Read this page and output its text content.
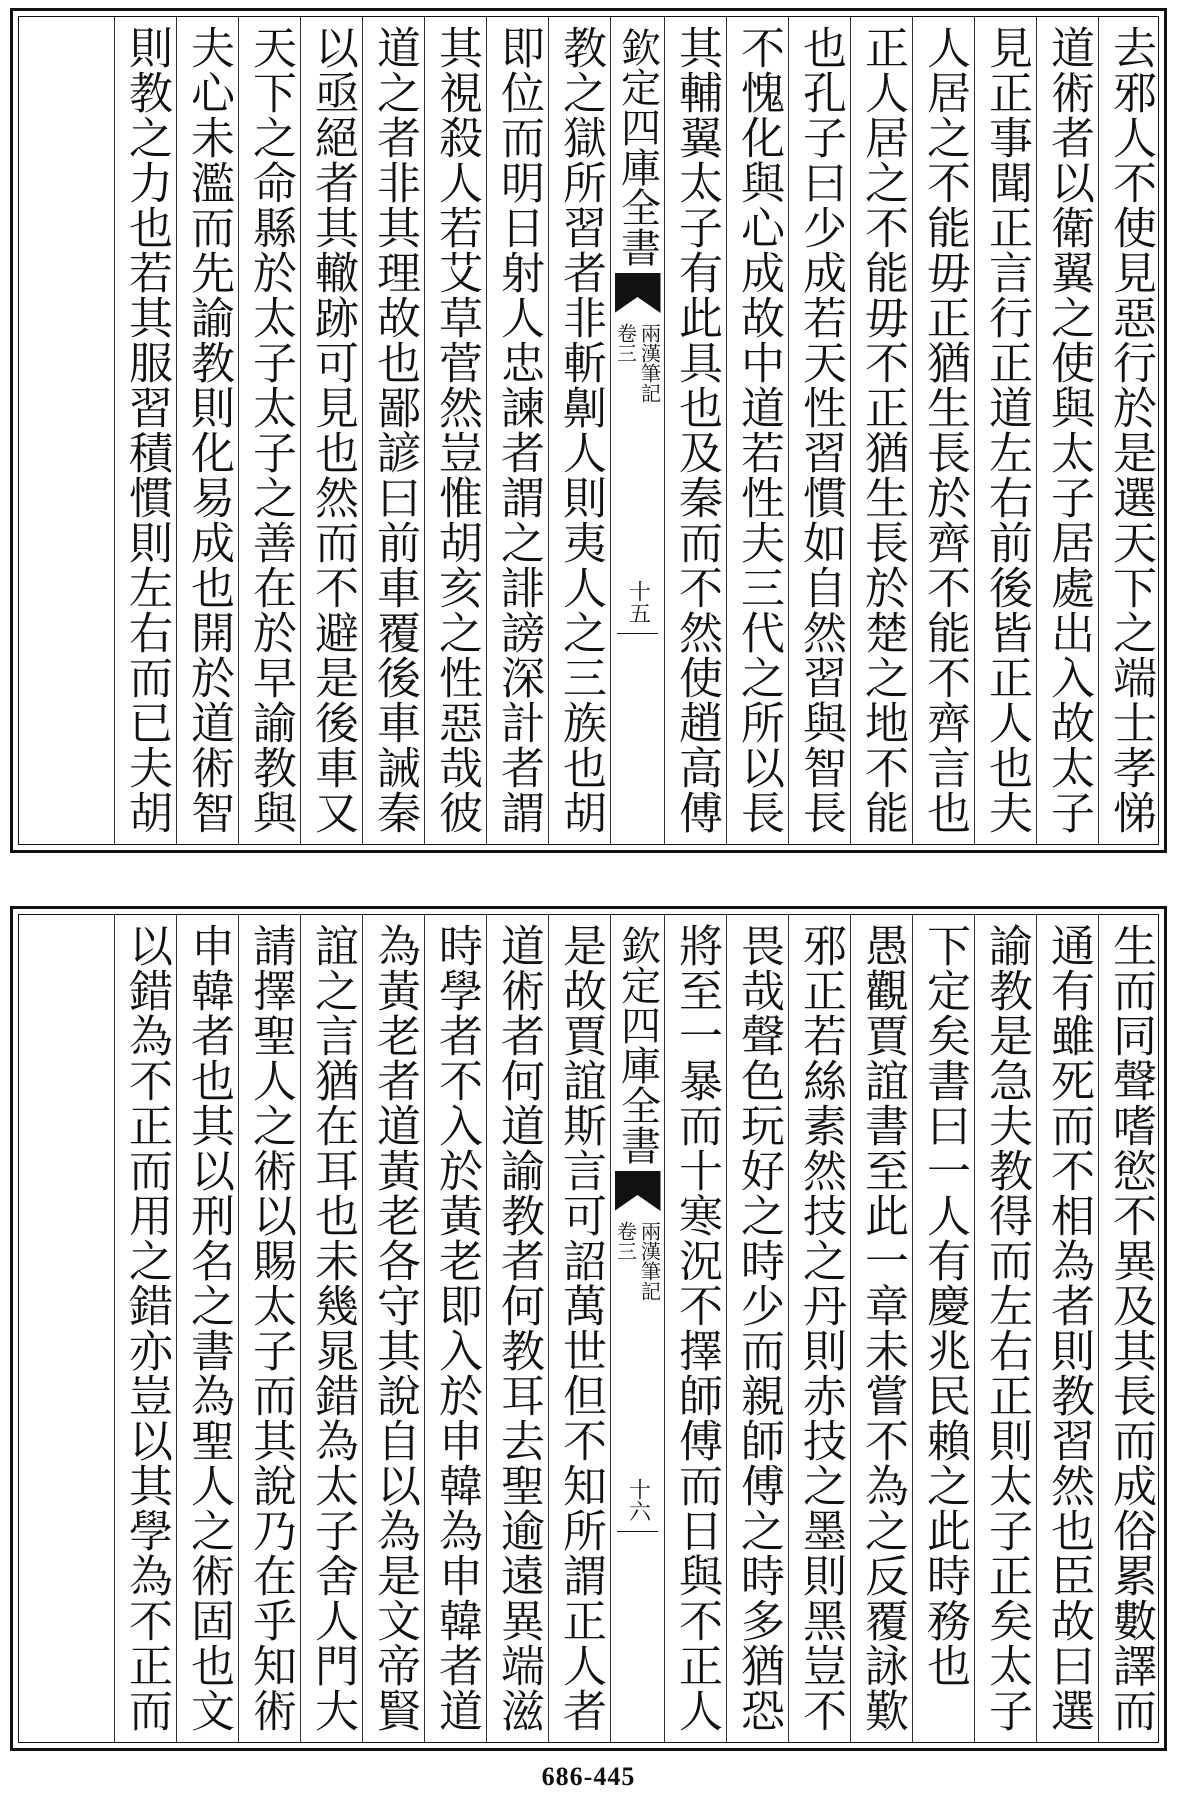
去邪人不使見惡行於是選天下之端士孝悌
道術者以衛翼之使與太子居處出入故太子
見正事聞正言行正道左右前後皆正人也夫
人居之不能毋正猶生長於齊不能不齊言也
正人居之不能毋不正猶生長於楚之地不能
也孔子曰少成若天性習慣如自然習與智長
不愧化與心成故中道若性夫三代之所以長
其輔翼太子有此具也及秦而不然使趙高傅
欽定四庫全書
兩漢筆記
卷三
十五
教之獄所習者非斬劓人則夷人之三族也胡
即位而明日射人忠諫者謂之誹謗深計者謂
其視殺人若艾草菅然豈惟胡亥之性惡哉彼
道之者非其理故也鄙諺曰前車覆後車誡秦
以亟絕者其轍跡可見也然而不避是後車又
天下之命縣於太子太子之善在於早諭教與
夫心未濫而先諭教則化易成也開於道術智
則教之力也若其服習積慣則左右而已夫胡
生而同聲嗜慾不異及其長而成俗累數譯而
通有雖死而不相為者則教習然也臣故曰選
諭教是急夫教得而左右正則太子正矣太子
下定矣書曰一人有慶兆民賴之此時務也
愚觀賈誼書至此一章未嘗不為之反覆詠歎
邪正若絲素然技之丹則赤技之墨則黑豈不
畏哉聲色玩好之時少而親師傅之時多猶恐
將至一暴而十寒況不擇師傅而日與不正人
欽定四庫全書
兩漢筆記
卷三
十六
是故賈誼斯言可詔萬世但不知所謂正人者
道術者何道諭教者何教耳去聖逾遠異端滋
時學者不入於黃老即入於申韓為申韓者道
為黃老者道黃老各守其說自以為是文帝賢
誼之言猶在耳也未幾晁錯為太子舍人門大
請擇聖人之術以賜太子而其說乃在乎知術
申韓者也其以刑名之書為聖人之術固也文
以錯為不正而用之錯亦豈以其學為不正而
686-445
